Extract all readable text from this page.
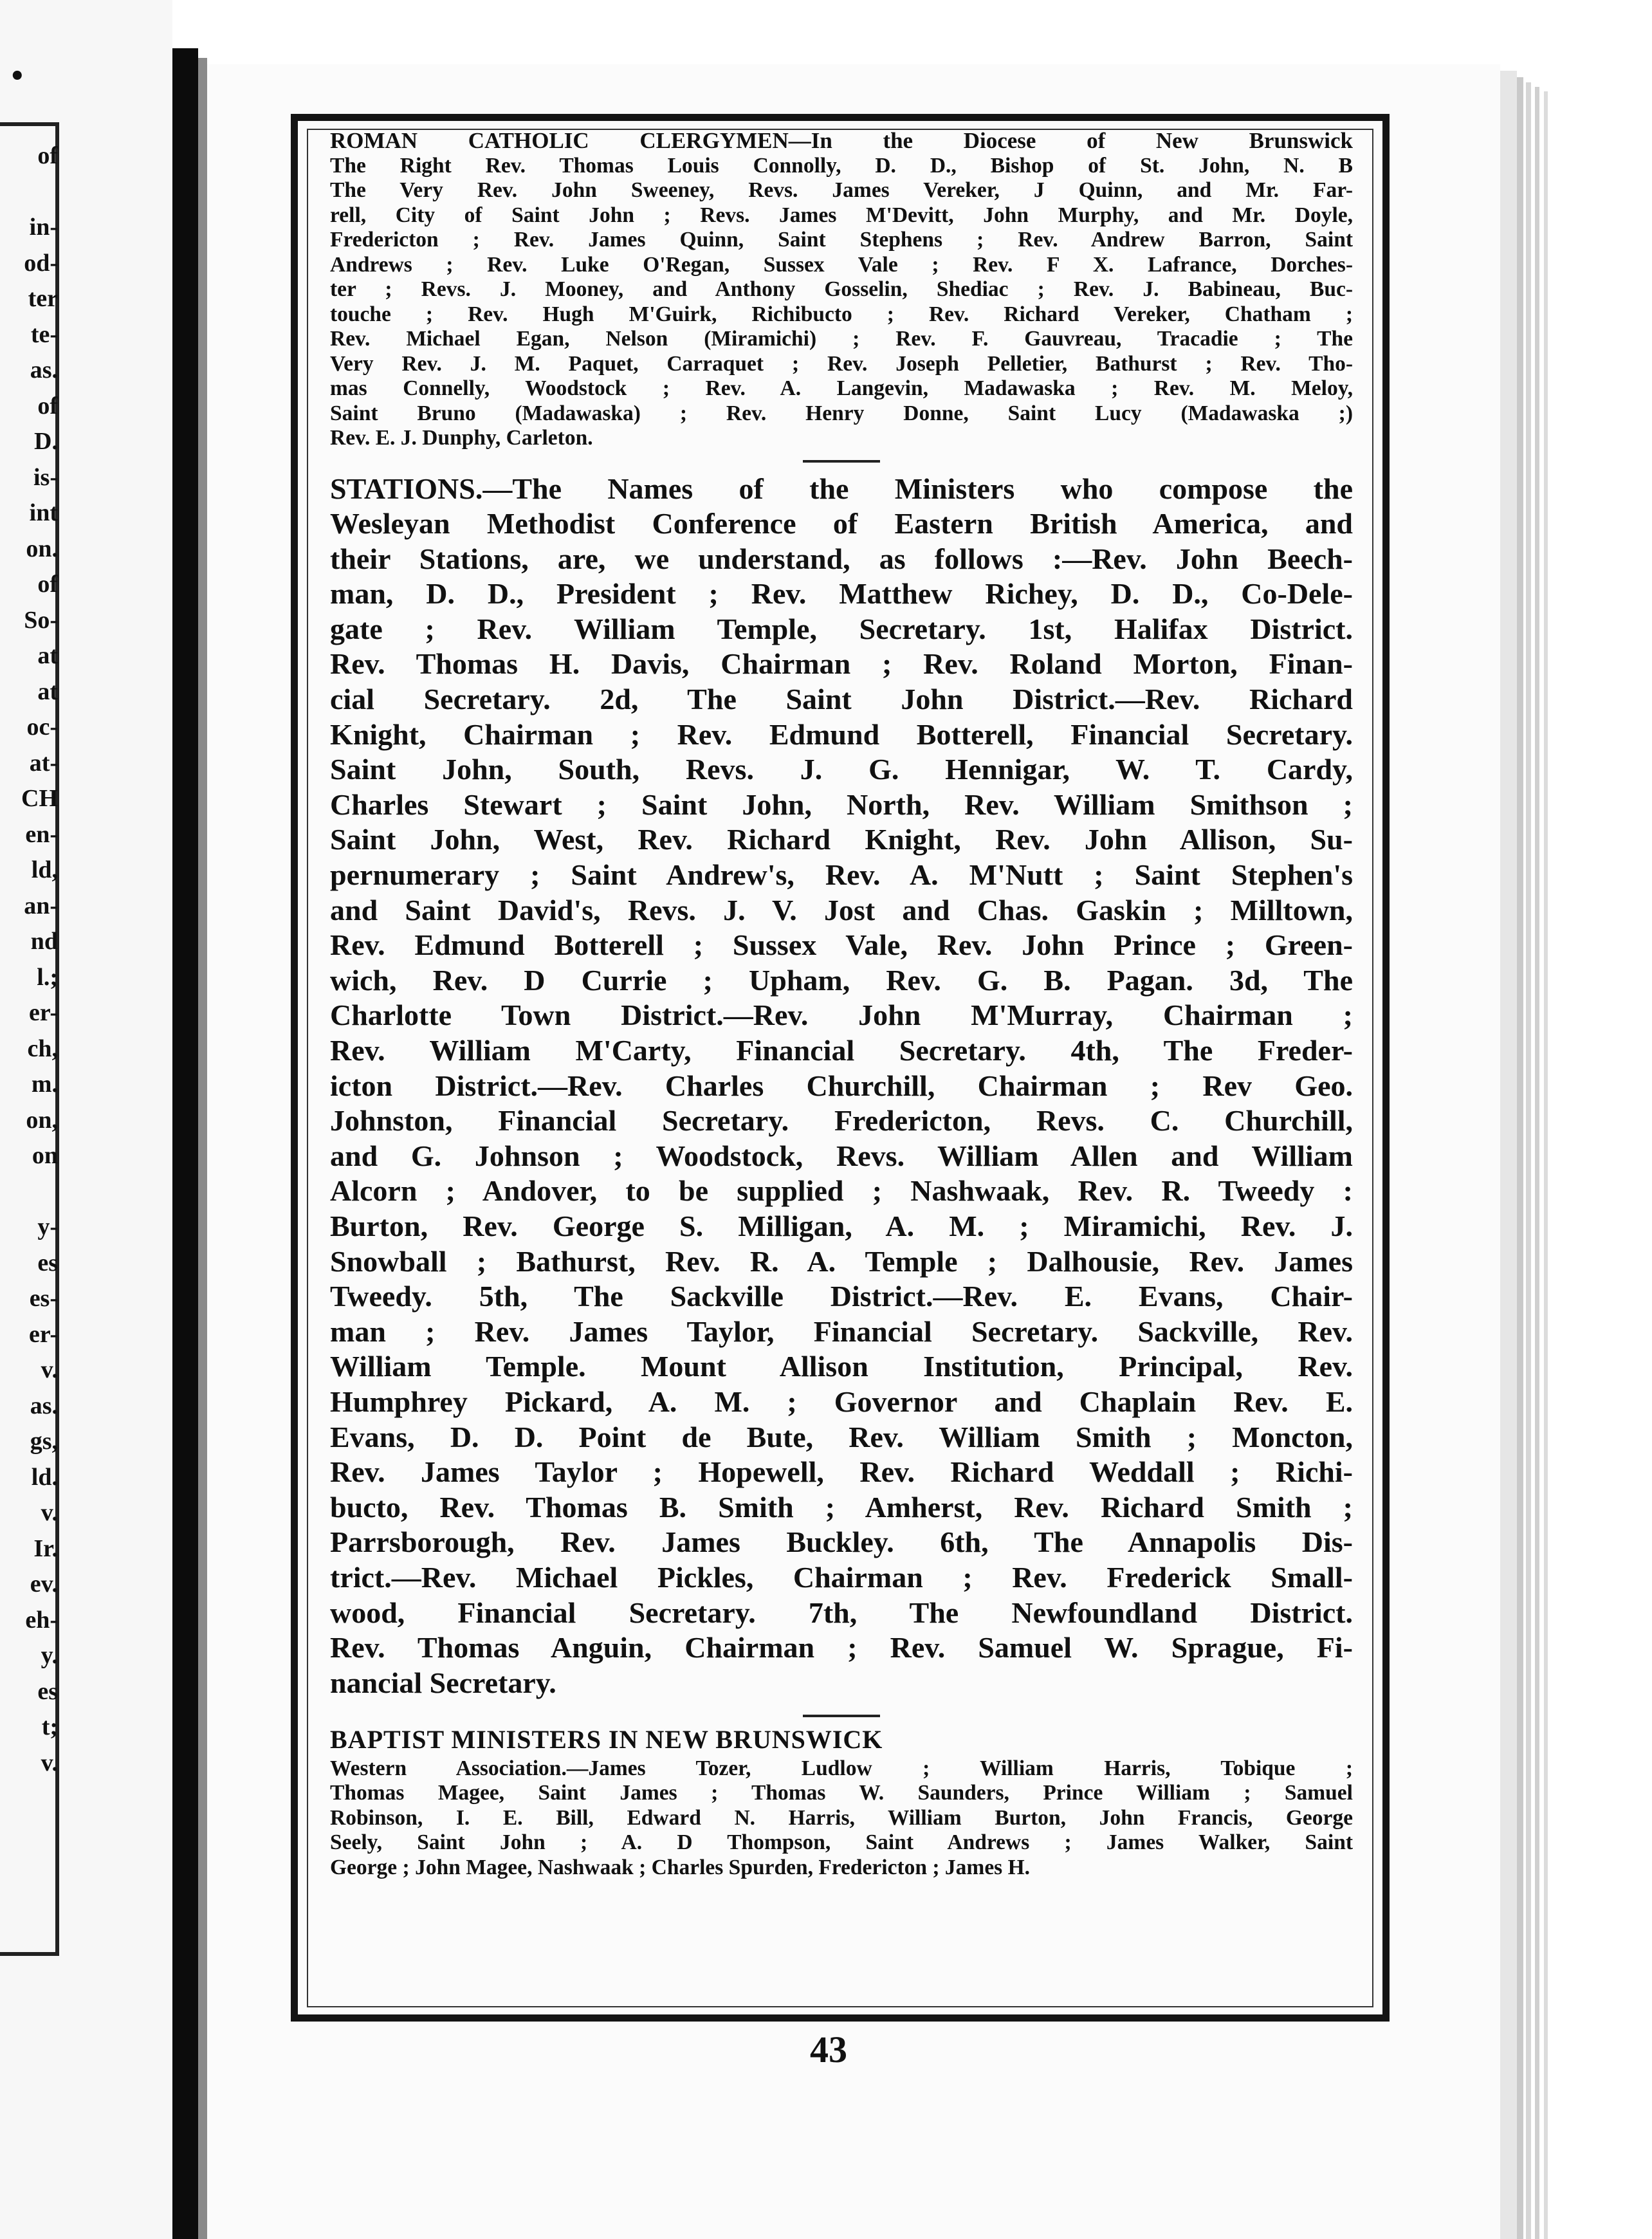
•
of
in-
od-
ter
te-
as.
of
D.
is-
int
on.
of
So-
at
at
oc-
at-
CH
en-
ld,
an-
nd
l.;
er-
ch,
m.
on,
on
y-
es
es-
er-
v.
as.
gs,
ld.
v.
Ir.
ev.
eh-
y.
es
t;
v.
ROMAN CATHOLIC CLERGYMEN—In the Diocese of New Brunswick
The Right Rev. Thomas Louis Connolly, D. D., Bishop of St. John, N. B
The Very Rev. John Sweeney, Revs. James Vereker, J Quinn, and Mr. Far-
rell, City of Saint John ; Revs. James M'Devitt, John Murphy, and Mr. Doyle,
Fredericton ; Rev. James Quinn, Saint Stephens ; Rev. Andrew Barron, Saint
Andrews ; Rev. Luke O'Regan, Sussex Vale ; Rev. F X. Lafrance, Dorches-
ter ; Revs. J. Mooney, and Anthony Gosselin, Shediac ; Rev. J. Babineau, Buc-
touche ; Rev. Hugh M'Guirk, Richibucto ; Rev. Richard Vereker, Chatham ;
Rev. Michael Egan, Nelson (Miramichi) ; Rev. F. Gauvreau, Tracadie ; The
Very Rev. J. M. Paquet, Carraquet ; Rev. Joseph Pelletier, Bathurst ; Rev. Tho-
mas Connelly, Woodstock ; Rev. A. Langevin, Madawaska ; Rev. M. Meloy,
Saint Bruno (Madawaska) ; Rev. Henry Donne, Saint Lucy (Madawaska ;)
Rev. E. J. Dunphy, Carleton.
STATIONS.—The Names of the Ministers who compose the
Wesleyan Methodist Conference of Eastern British America, and
their Stations, are, we understand, as follows :—Rev. John Beech-
man, D. D., President ; Rev. Matthew Richey, D. D., Co-Dele-
gate ; Rev. William Temple, Secretary. 1st, Halifax District.
Rev. Thomas H. Davis, Chairman ; Rev. Roland Morton, Finan-
cial Secretary. 2d, The Saint John District.—Rev. Richard
Knight, Chairman ; Rev. Edmund Botterell, Financial Secretary.
Saint John, South, Revs. J. G. Hennigar, W. T. Cardy,
Charles Stewart ; Saint John, North, Rev. William Smithson ;
Saint John, West, Rev. Richard Knight, Rev. John Allison, Su-
pernumerary ; Saint Andrew's, Rev. A. M'Nutt ; Saint Stephen's
and Saint David's, Revs. J. V. Jost and Chas. Gaskin ; Milltown,
Rev. Edmund Botterell ; Sussex Vale, Rev. John Prince ; Green-
wich, Rev. D Currie ; Upham, Rev. G. B. Pagan. 3d, The
Charlotte Town District.—Rev. John M'Murray, Chairman ;
Rev. William M'Carty, Financial Secretary. 4th, The Freder-
icton District.—Rev. Charles Churchill, Chairman ; Rev Geo.
Johnston, Financial Secretary. Fredericton, Revs. C. Churchill,
and G. Johnson ; Woodstock, Revs. William Allen and William
Alcorn ; Andover, to be supplied ; Nashwaak, Rev. R. Tweedy :
Burton, Rev. George S. Milligan, A. M. ; Miramichi, Rev. J.
Snowball ; Bathurst, Rev. R. A. Temple ; Dalhousie, Rev. James
Tweedy. 5th, The Sackville District.—Rev. E. Evans, Chair-
man ; Rev. James Taylor, Financial Secretary. Sackville, Rev.
William Temple. Mount Allison Institution, Principal, Rev.
Humphrey Pickard, A. M. ; Governor and Chaplain Rev. E.
Evans, D. D. Point de Bute, Rev. William Smith ; Moncton,
Rev. James Taylor ; Hopewell, Rev. Richard Weddall ; Richi-
bucto, Rev. Thomas B. Smith ; Amherst, Rev. Richard Smith ;
Parrsborough, Rev. James Buckley. 6th, The Annapolis Dis-
trict.—Rev. Michael Pickles, Chairman ; Rev. Frederick Small-
wood, Financial Secretary. 7th, The Newfoundland District.
Rev. Thomas Anguin, Chairman ; Rev. Samuel W. Sprague, Fi-
nancial Secretary.
BAPTIST MINISTERS IN NEW BRUNSWICK
Western Association.—James Tozer, Ludlow ; William Harris, Tobique ;
Thomas Magee, Saint James ; Thomas W. Saunders, Prince William ; Samuel
Robinson, I. E. Bill, Edward N. Harris, William Burton, John Francis, George
Seely, Saint John ; A. D Thompson, Saint Andrews ; James Walker, Saint
George ; John Magee, Nashwaak ; Charles Spurden, Fredericton ; James H.
43
